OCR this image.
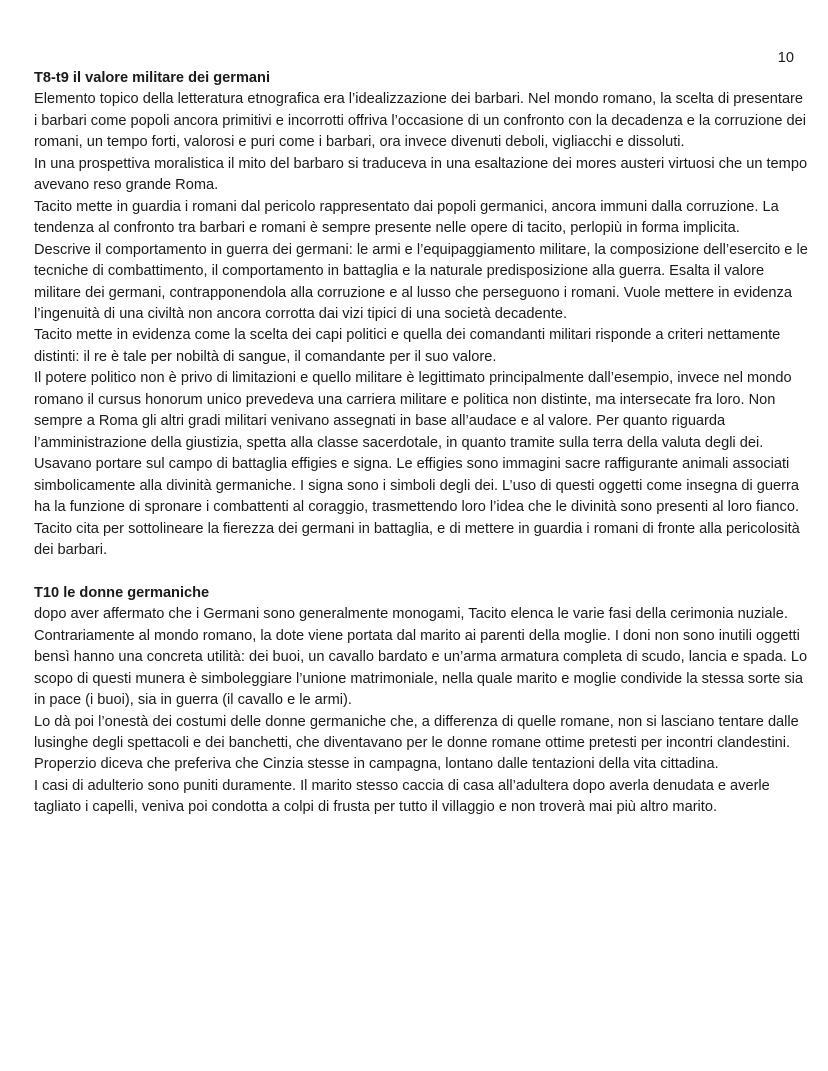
10
T8-t9 il valore militare dei germani

Elemento topico della letteratura etnografica era l’idealizzazione dei barbari. Nel mondo romano, la scelta di presentare i barbari come popoli ancora primitivi e incorrotti offriva l’occasione di un confronto con la decadenza e la corruzione dei romani, un tempo forti, valorosi e puri come i barbari, ora invece divenuti deboli, vigliacchi e dissoluti.

In una prospettiva moralistica il mito del barbaro si traduceva in una esaltazione dei mores austeri virtuosi che un tempo avevano reso grande Roma.

Tacito mette in guardia i romani dal pericolo rappresentato dai popoli germanici, ancora immuni dalla corruzione. La tendenza al confronto tra barbari e romani è sempre presente nelle opere di tacito, perlopiù in forma implicita.

Descrive il comportamento in guerra dei germani: le armi e l’equipaggiamento militare, la composizione dell’esercito e le tecniche di combattimento, il comportamento in battaglia e la naturale predisposizione alla guerra. Esalta il valore militare dei germani, contrapponendola alla corruzione e al lusso che perseguono i romani. Vuole mettere in evidenza l’ingenuità di una civiltà non ancora corrotta dai vizi tipici di una società decadente.

Tacito mette in evidenza come la scelta dei capi politici e quella dei comandanti militari risponde a criteri nettamente distinti: il re è tale per nobiltà di sangue, il comandante per il suo valore.

Il potere politico non è privo di limitazioni e quello militare è legittimato principalmente dall’esempio, invece nel mondo romano il cursus honorum unico prevedeva una carriera militare e politica non distinte, ma intersecate fra loro. Non sempre a Roma gli altri gradi militari venivano assegnati in base all’audace e al valore. Per quanto riguarda l’amministrazione della giustizia, spetta alla classe sacerdotale, in quanto tramite sulla terra della valuta degli dei.

Usavano portare sul campo di battaglia effigies e signa. Le effigies sono immagini sacre raffigurante animali associati simbolicamente alla divinità germaniche. I signa sono i simboli degli dei. L’uso di questi oggetti come insegna di guerra ha la funzione di spronare i combattenti al coraggio, trasmettendo loro l’idea che le divinità sono presenti al loro fianco. Tacito cita per sottolineare la fierezza dei germani in battaglia, e di mettere in guardia i romani di fronte alla pericolosità dei barbari.

T10 le donne germaniche

dopo aver affermato che i Germani sono generalmente monogami, Tacito elenca le varie fasi della cerimonia nuziale. Contrariamente al mondo romano, la dote viene portata dal marito ai parenti della moglie. I doni non sono inutili oggetti bensì hanno una concreta utilità: dei buoi, un cavallo bardato e un’arma armatura completa di scudo, lancia e spada. Lo scopo di questi munera è simboleggiare l’unione matrimoniale, nella quale marito e moglie condivide la stessa sorte sia in pace (i buoi), sia in guerra (il cavallo e le armi).

Lo dà poi l’onestà dei costumi delle donne germaniche che, a differenza di quelle romane, non si lasciano tentare dalle lusinghe degli spettacoli e dei banchetti, che diventavano per le donne romane ottime pretesti per incontri clandestini. Properzio diceva che preferiva che Cinzia stesse in campagna, lontano dalle tentazioni della vita cittadina.

I casi di adulterio sono puniti duramente. Il marito stesso caccia di casa all’adultera dopo averla denudata e averle tagliato i capelli, veniva poi condotta a colpi di frusta per tutto il villaggio e non troverà mai più altro marito.
